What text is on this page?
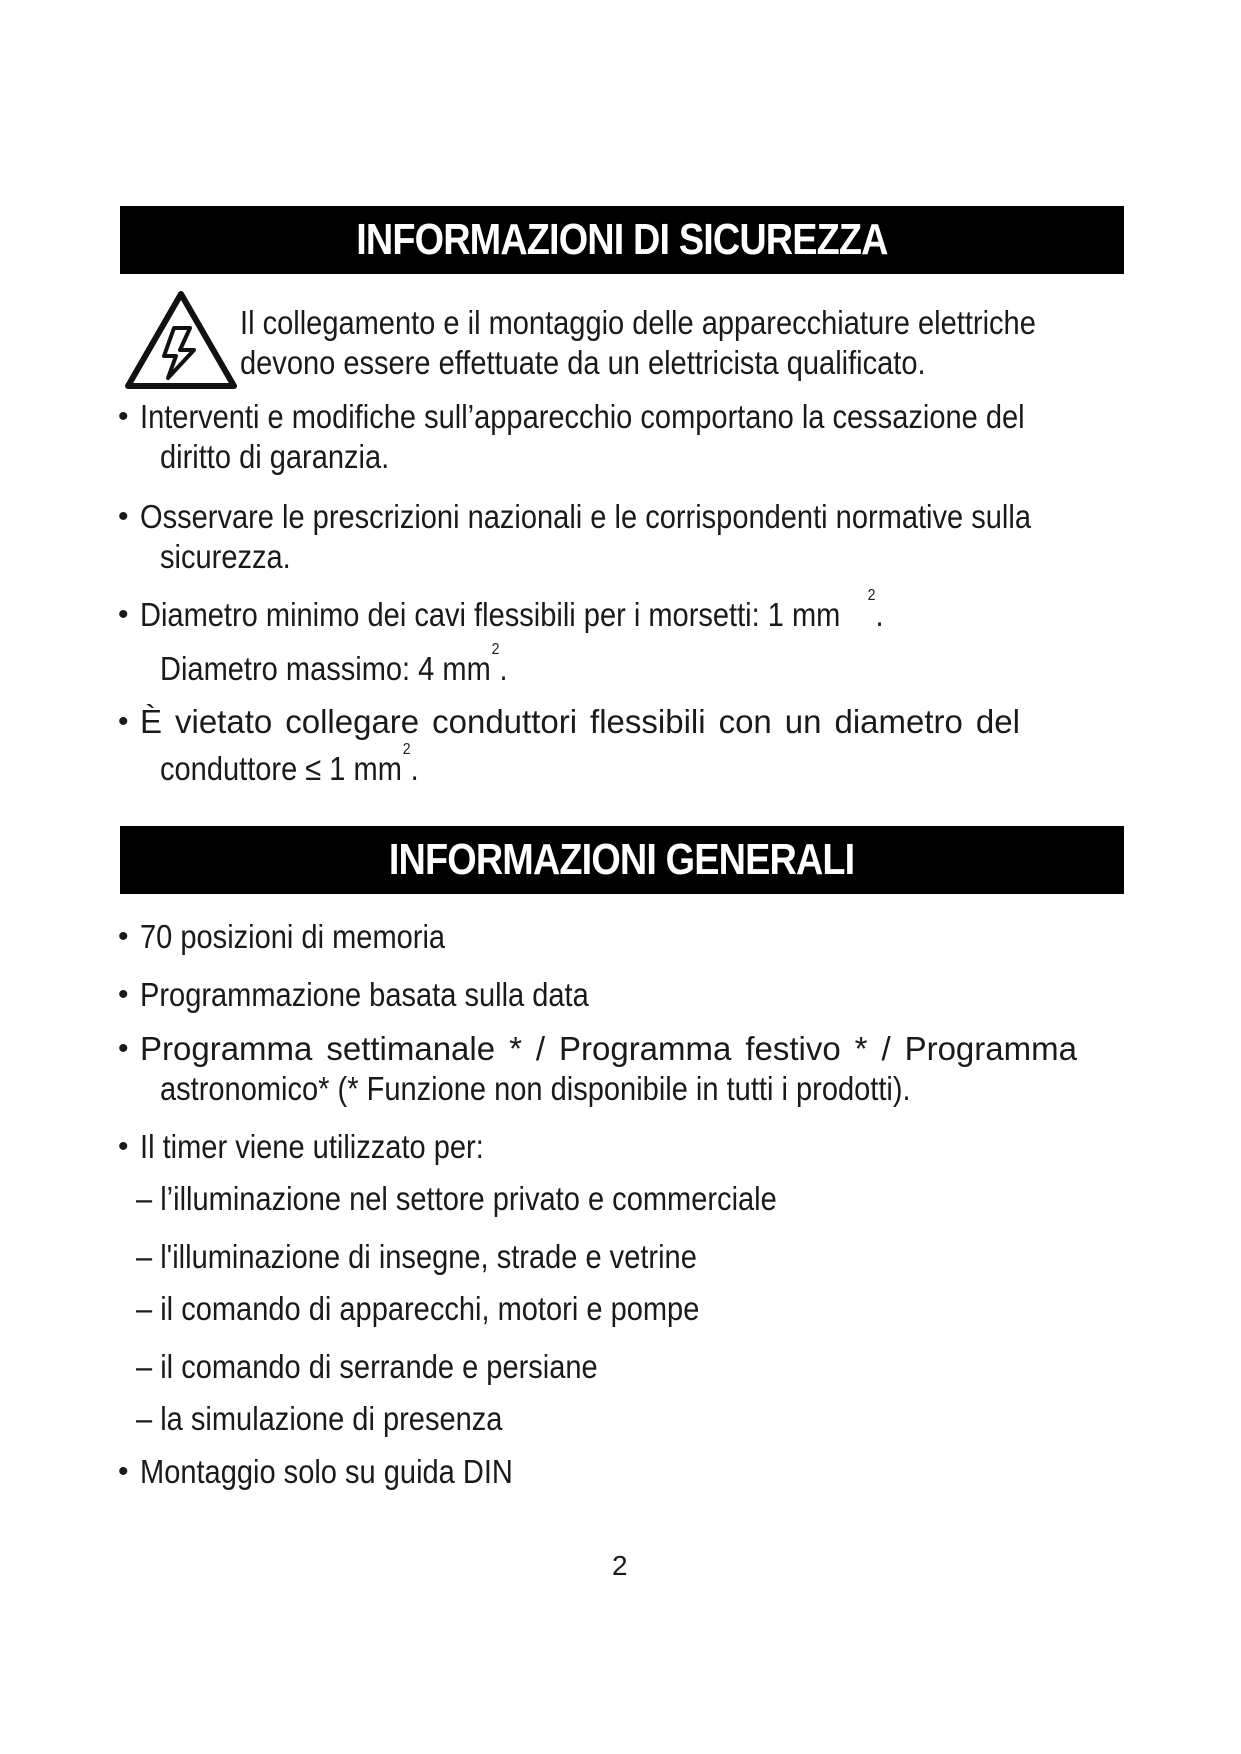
INFORMAZIONI DI SICUREZZA
Il collegamento e il montaggio delle apparecchiature elettriche
devono essere effettuate da un elettricista qualificato.
• Interventi e modifiche sull’apparecchio comportano la cessazione del
diritto di garanzia.
• Osservare le prescrizioni nazionali e le corrispondenti normative sulla
sicurezza.
• Diametro minimo dei cavi flessibili per i morsetti: 1 $mm^2$.
Diametro massimo: 4 $mm^2$.
• È vietato collegare conduttori flessibili con un diametro del
conduttore ≤ 1 $mm^2$.
INFORMAZIONI GENERALI
• 70 posizioni di memoria
• Programmazione basata sulla data
• Programma settimanale * / Programma festivo * / Programma
astronomico* (* Funzione non disponibile in tutti i prodotti).
• Il timer viene utilizzato per:
– l’illuminazione nel settore privato e commerciale
– l'illuminazione di insegne, strade e vetrine
– il comando di apparecchi, motori e pompe
– il comando di serrande e persiane
– la simulazione di presenza
• Montaggio solo su guida DIN
2
